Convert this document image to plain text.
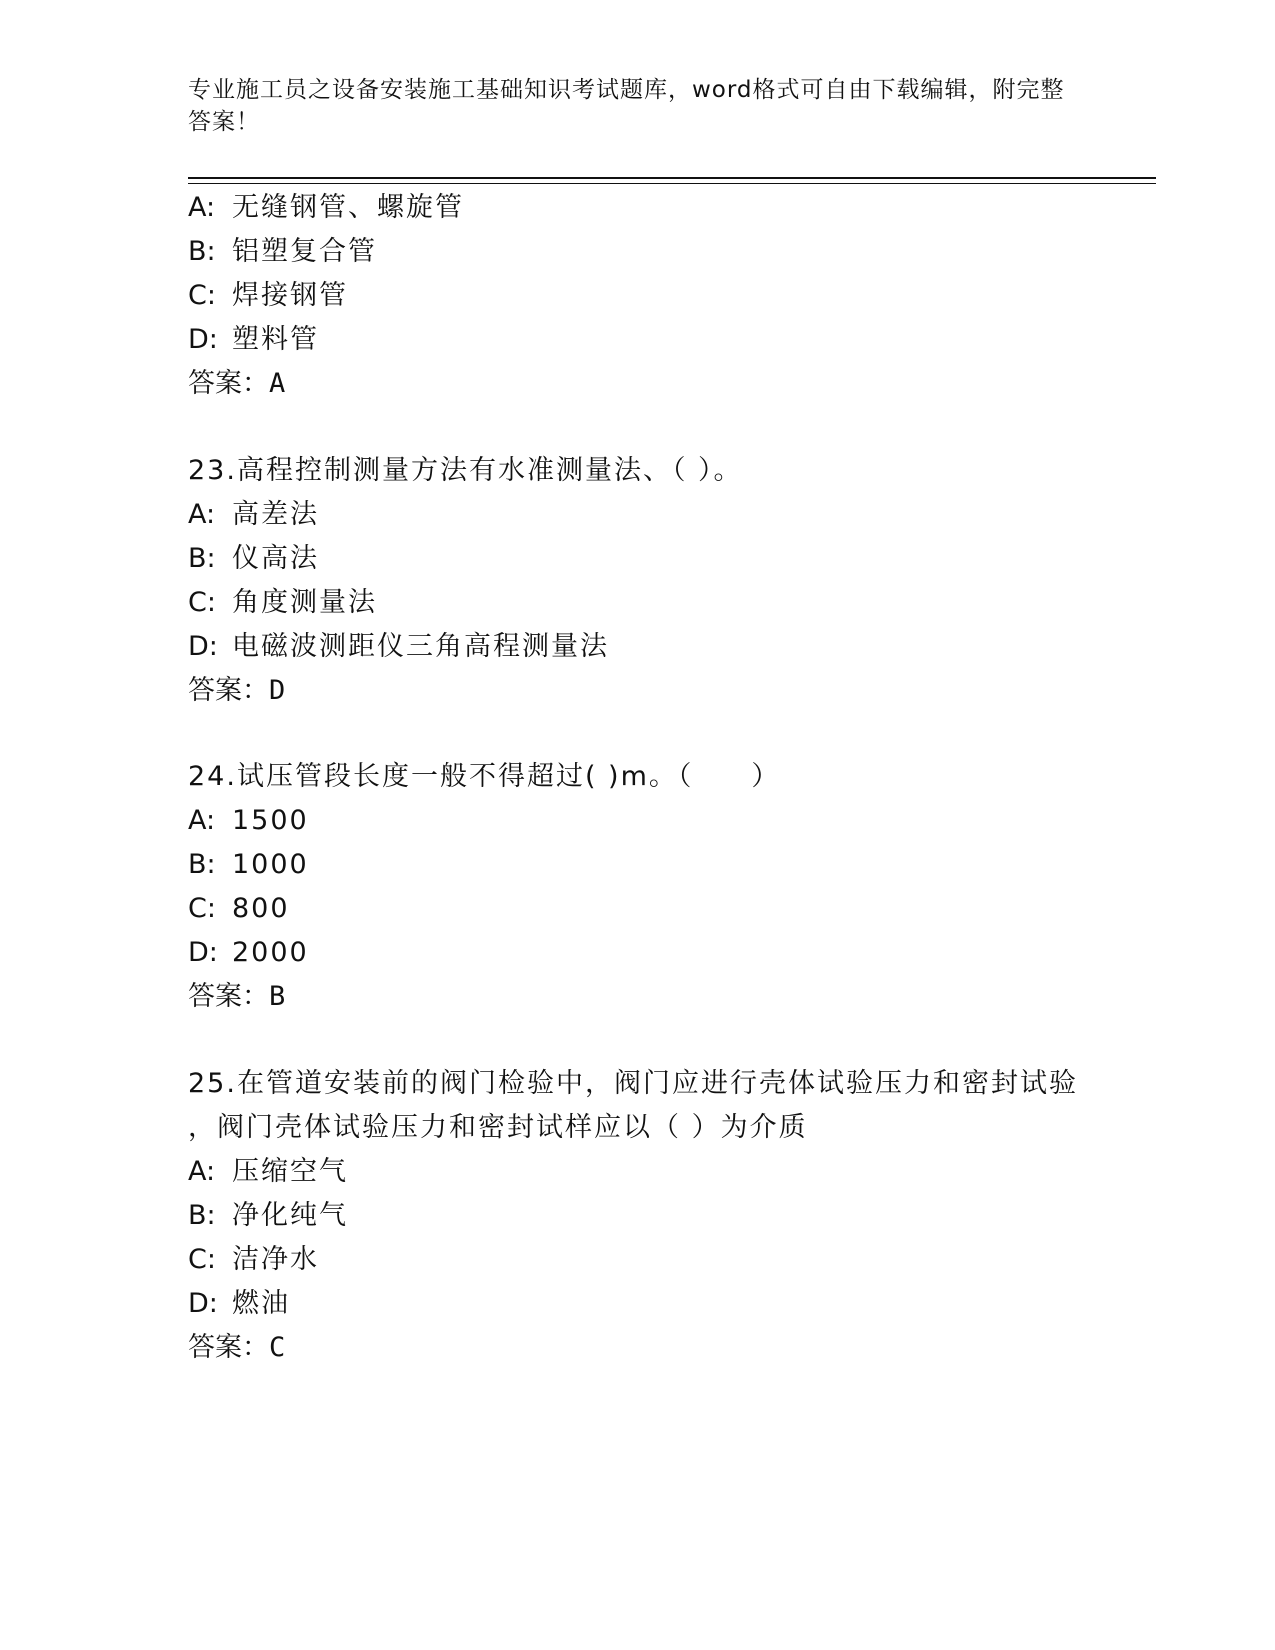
专业施工员之设备安装施工基础知识考试题库，word格式可自由下载编辑，附完整答案！
A: 无缝钢管、螺旋管
B: 铝塑复合管
C: 焊接钢管
D: 塑料管
答案：A
23.高程控制测量方法有水准测量法、（ ）。
A: 高差法
B: 仪高法
C: 角度测量法
D: 电磁波测距仪三角高程测量法
答案：D
24.试压管段长度一般不得超过( )m。（　　）
A: 1500
B: 1000
C: 800
D: 2000
答案：B
25.在管道安装前的阀门检验中，阀门应进行壳体试验压力和密封试验
，阀门壳体试验压力和密封试样应以（ ）为介质
A: 压缩空气
B: 净化纯气
C: 洁净水
D: 燃油
答案：C
